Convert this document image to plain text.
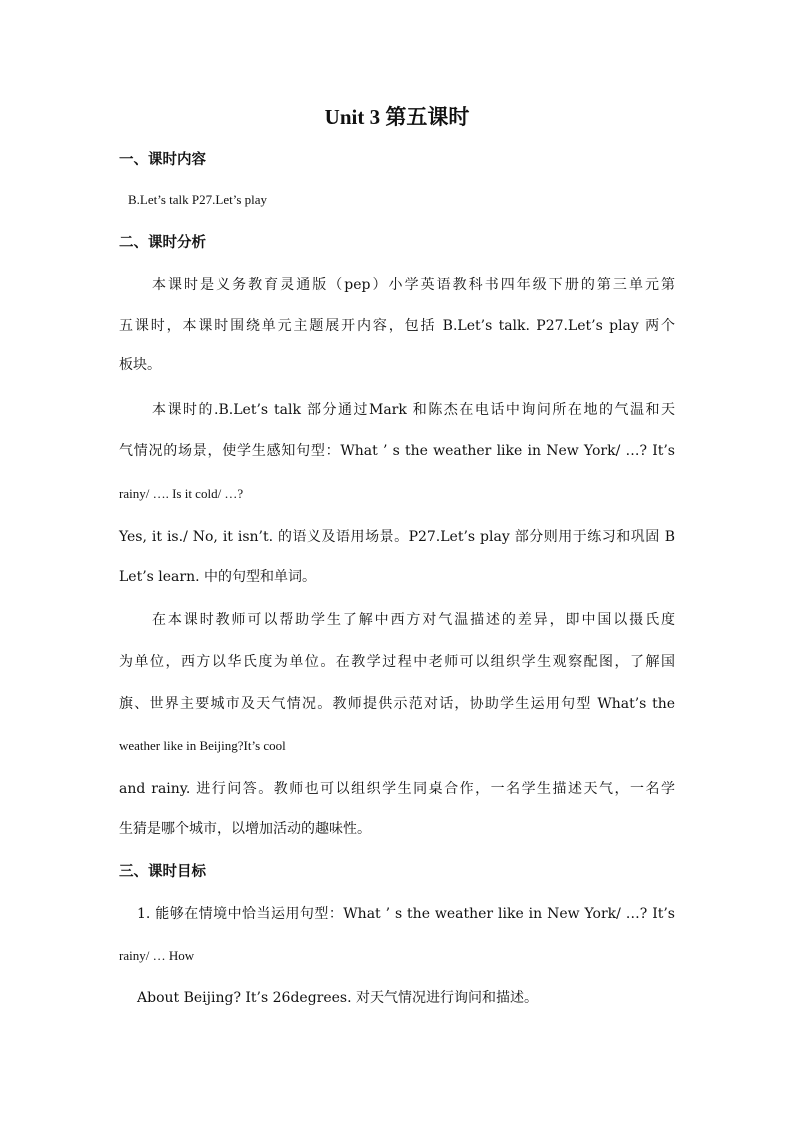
Unit 3 第五课时
一、课时内容
B.Let’s talk P27.Let’s play
二、课时分析
本课时是义务教育灵通版（pep）小学英语教科书四年级下册的第三单元第
五课时，本课时围绕单元主题展开内容，包括 B.Let’s talk. P27.Let’s play 两个
板块。
本课时的.B.Let’s talk 部分通过Mark 和陈杰在电话中询问所在地的气温和天
气情况的场景，使学生感知句型：What ’ s the weather like in New York/ …? It’s
rainy/ …. Is it cold/ …?
Yes, it is./ No, it isn’t. 的语义及语用场景。P27.Let’s play 部分则用于练习和巩固 B
Let’s learn. 中的句型和单词。
在本课时教师可以帮助学生了解中西方对气温描述的差异，即中国以摄氏度
为单位，西方以华氏度为单位。在教学过程中老师可以组织学生观察配图，了解国
旗、世界主要城市及天气情况。教师提供示范对话，协助学生运用句型 What’s the
weather like in Beijing?It’s cool
and rainy. 进行问答。教师也可以组织学生同桌合作，一名学生描述天气，一名学
生猜是哪个城市，以增加活动的趣味性。
三、课时目标
1. 能够在情境中恰当运用句型：What ’ s the weather like in New York/ …? It’s
rainy/ … How
About Beijing? It’s 26degrees. 对天气情况进行询问和描述。
